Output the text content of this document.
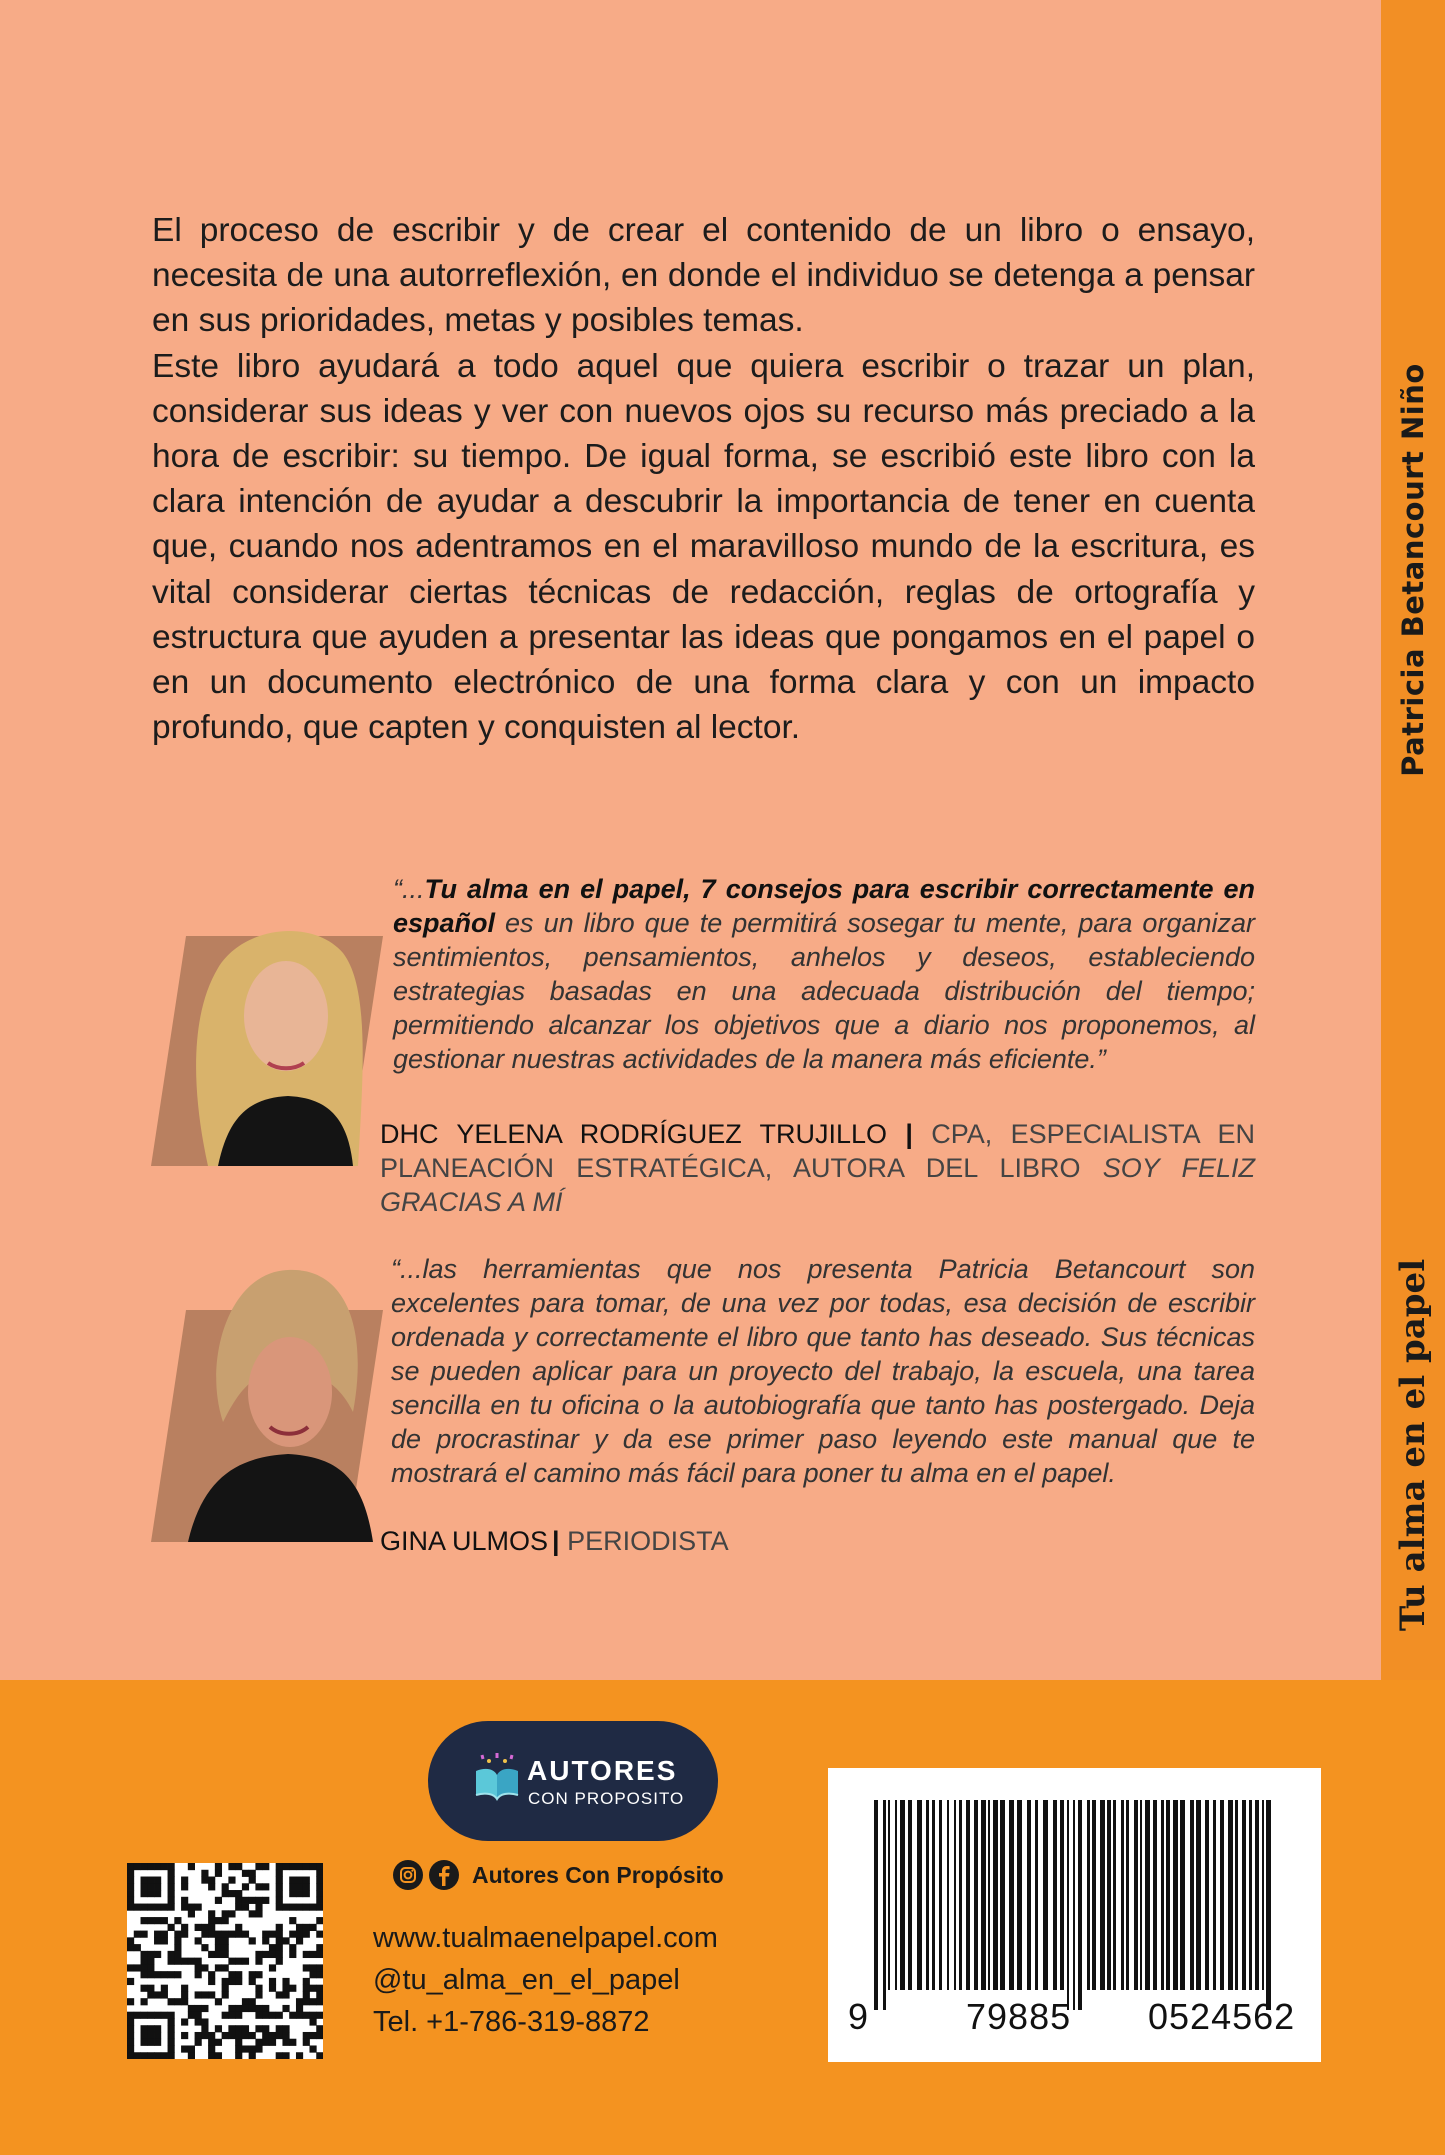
Patricia Betancourt Niño
Tu alma en el papel

El proceso de escribir y de crear el contenido de un libro o ensayo, necesita de una autorreflexión, en donde el individuo se detenga a pensar en sus prioridades, metas y posibles temas.

Este libro ayudará a todo aquel que quiera escribir o trazar un plan, considerar sus ideas y ver con nuevos ojos su recurso más preciado a la hora de escribir: su tiempo. De igual forma, se escribió este libro con la clara intención de ayudar a descubrir la importancia de tener en cuenta que, cuando nos adentramos en el maravilloso mundo de la escritura, es vital considerar ciertas técnicas de redacción, reglas de ortografía y estructura que ayuden a presentar las ideas que pongamos en el papel o en un documento electrónico de una forma clara y con un impacto profundo, que capten y conquisten al lector.

“...Tu alma en el papel, 7 consejos para escribir correctamente en español es un libro que te permitirá sosegar tu mente, para organizar sentimientos, pensamientos, anhelos y deseos, estableciendo estrategias basadas en una adecuada distribución del tiempo; permitiendo alcanzar los objetivos que a diario nos proponemos, al gestionar nuestras actividades de la manera más eficiente.”
DHC YELENA RODRÍGUEZ TRUJILLO | CPA, ESPECIALISTA EN PLANEACIÓN ESTRATÉGICA, AUTORA DEL LIBRO SOY FELIZ GRACIAS A MÍ
“...las herramientas que nos presenta Patricia Betancourt son excelentes para tomar, de una vez por todas, esa decisión de escribir ordenada y correctamente el libro que tanto has deseado. Sus técnicas se pueden aplicar para un proyecto del trabajo, la escuela, una tarea sencilla en tu oficina o la autobiografía que tanto has postergado. Deja de procrastinar y da ese primer paso leyendo este manual que te mostrará el camino más fácil para poner tu alma en el papel.
GINA ULMOS | PERIODISTA
AUTORES
CON PROPOSITO
Autores Con Propósito
www.tualmaenelpapel.com
@tu_alma_en_el_papel
Tel. +1-786-319-8872	9	79885 0524562
